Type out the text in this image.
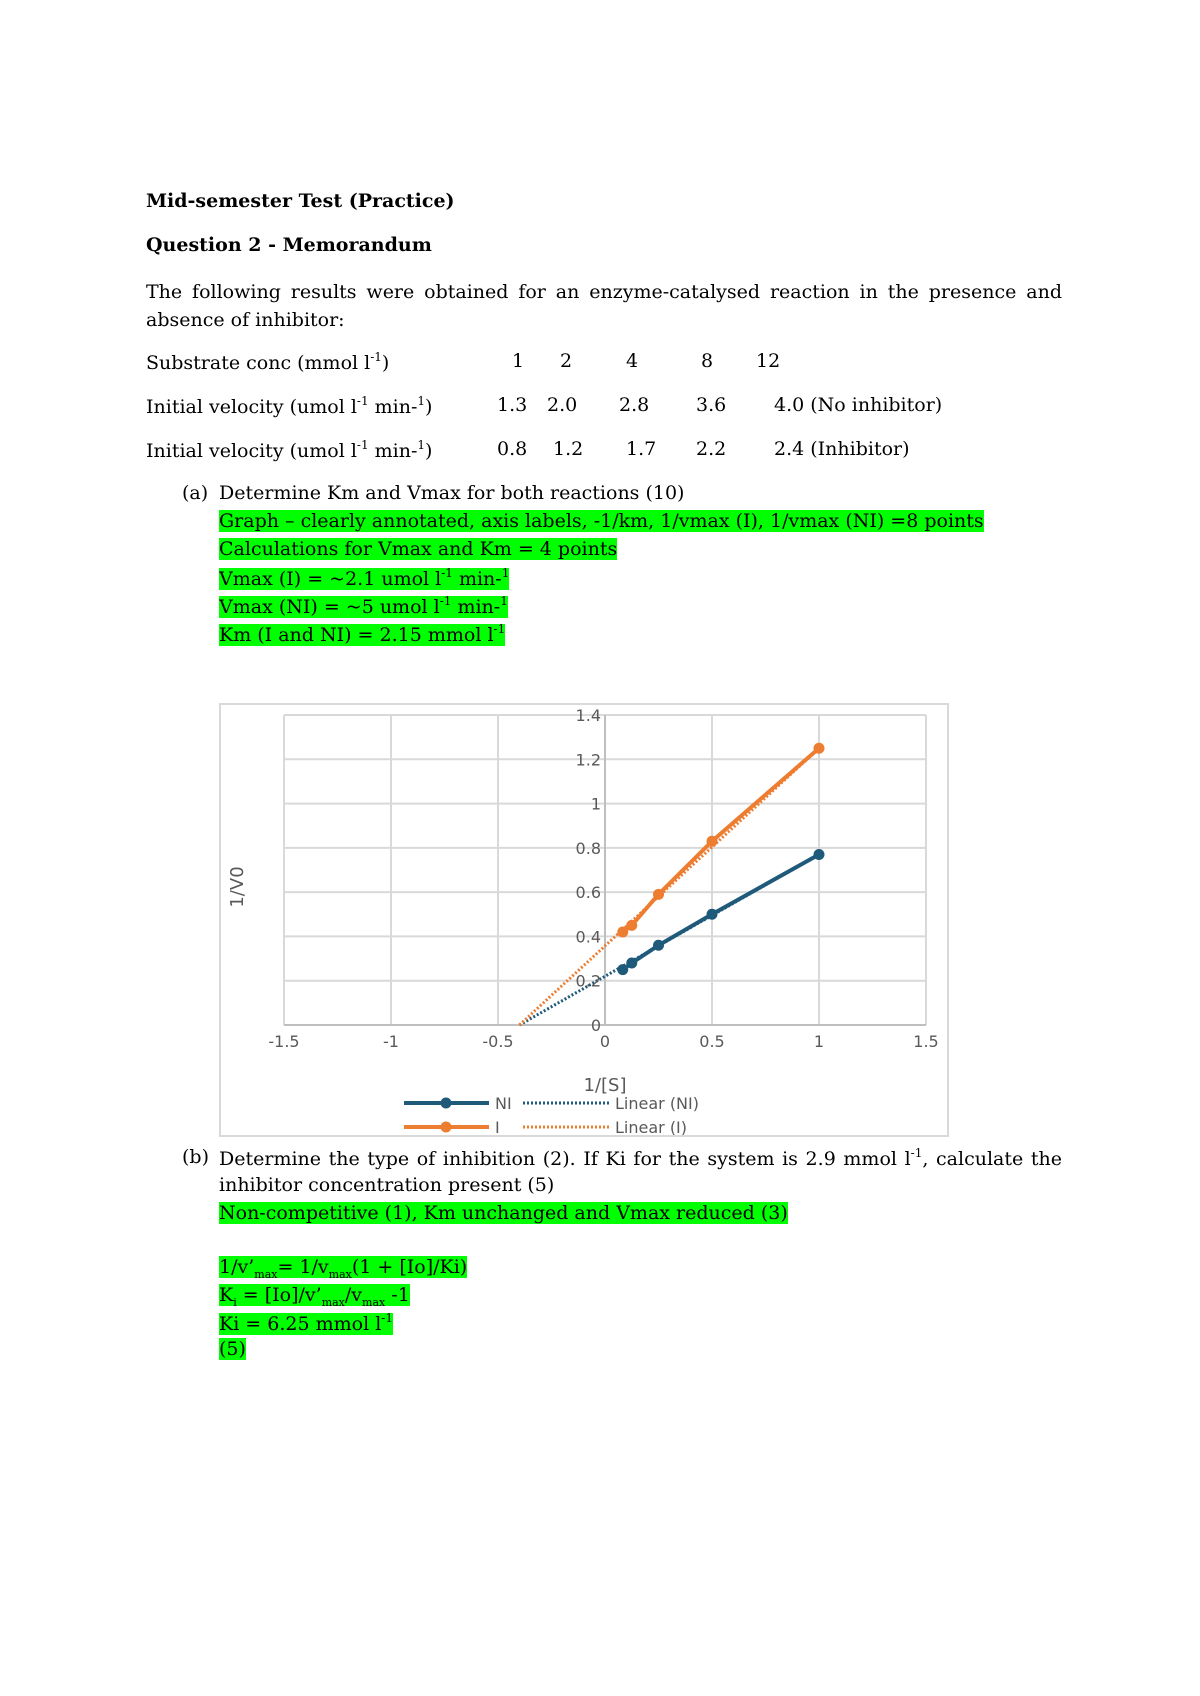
Mid-semester Test (Practice)
Question 2 - Memorandum
The following results were obtained for an enzyme-catalysed reaction in the presence and absence of inhibitor:
Substrate conc (mmol $l^{-1}$)	1 2	4	8 12
Initial velocity (umol $l^{-1}$ min-$^1$)	1.3 2.0 2.8 3.6	4.0 (No inhibitor)
Initial velocity (umol $l^{-1}$ min-$^1$)	0.8 1.2 1.7 2.2	2.4 (Inhibitor)
(a) Determine Km and Vmax for both reactions (10)
Graph – clearly annotated, axis labels, -1/km, 1/vmax (I), 1/vmax (NI) =8 points
Calculations for Vmax and Km = 4 points
Vmax (I) = ~2.1 umol $l^{-1}$ min-$^1$
Vmax (NI) = ~5 umol $l^{-1}$ min-$^1$
Km (I and NI) = 2.15 mmol $l^{-1}$
-1.5	-1	-0.5	0	0.5	1	1.5
0
0.2
0.4
0.6
0.8
1
1.2
1.4
1/[S]
1/V0
NI	Linear (NI)
I	Linear (I)
(b) Determine the type of inhibition (2). If Ki for the system is 2.9 mmol $l^{-1}$, calculate the
inhibitor concentration present (5)
Non-competitive (1), Km unchanged and Vmax reduced (3)
$1/v’_{max}= 1/v_{max}(1 + [Io]/Ki)$
$K_i$ = $[Io]/v’_{max}/v_{max}$ -1
Ki = 6.25 mmol $l^{-1}$
(5)
